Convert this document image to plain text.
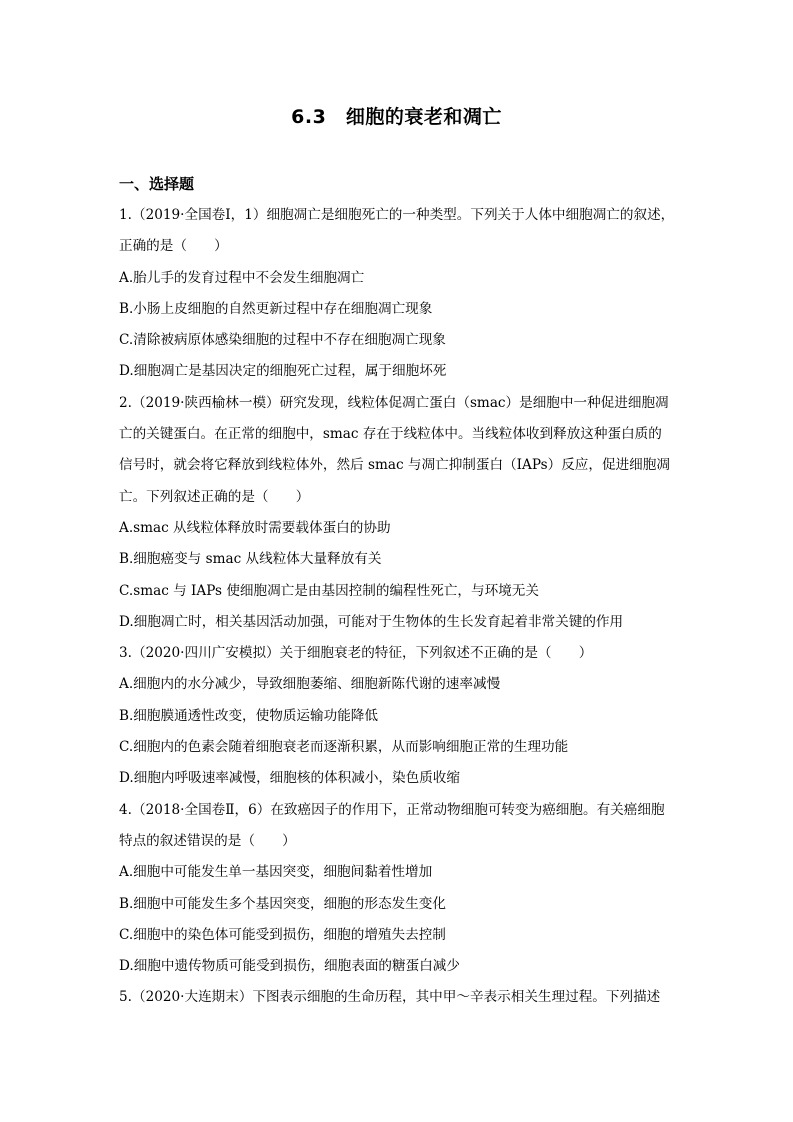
6.3　细胞的衰老和凋亡
一、选择题
1.（2019·全国卷Ⅰ，1）细胞凋亡是细胞死亡的一种类型。下列关于人体中细胞凋亡的叙述，
正确的是（　　）
A.胎儿手的发育过程中不会发生细胞凋亡
B.小肠上皮细胞的自然更新过程中存在细胞凋亡现象
C.清除被病原体感染细胞的过程中不存在细胞凋亡现象
D.细胞凋亡是基因决定的细胞死亡过程，属于细胞坏死
2.（2019·陕西榆林一模）研究发现，线粒体促凋亡蛋白（smac）是细胞中一种促进细胞凋
亡的关键蛋白。在正常的细胞中，smac 存在于线粒体中。当线粒体收到释放这种蛋白质的
信号时，就会将它释放到线粒体外，然后 smac 与凋亡抑制蛋白（IAPs）反应，促进细胞凋
亡。下列叙述正确的是（　　）
A.smac 从线粒体释放时需要载体蛋白的协助
B.细胞癌变与 smac 从线粒体大量释放有关
C.smac 与 IAPs 使细胞凋亡是由基因控制的编程性死亡，与环境无关
D.细胞凋亡时，相关基因活动加强，可能对于生物体的生长发育起着非常关键的作用
3.（2020·四川广安模拟）关于细胞衰老的特征，下列叙述不正确的是（　　）
A.细胞内的水分减少，导致细胞萎缩、细胞新陈代谢的速率减慢
B.细胞膜通透性改变，使物质运输功能降低
C.细胞内的色素会随着细胞衰老而逐渐积累，从而影响细胞正常的生理功能
D.细胞内呼吸速率减慢，细胞核的体积减小，染色质收缩
4.（2018·全国卷Ⅱ，6）在致癌因子的作用下，正常动物细胞可转变为癌细胞。有关癌细胞
特点的叙述错误的是（　　）
A.细胞中可能发生单一基因突变，细胞间黏着性增加
B.细胞中可能发生多个基因突变，细胞的形态发生变化
C.细胞中的染色体可能受到损伤，细胞的增殖失去控制
D.细胞中遗传物质可能受到损伤，细胞表面的糖蛋白减少
5.（2020·大连期末）下图表示细胞的生命历程，其中甲～辛表示相关生理过程。下列描述
